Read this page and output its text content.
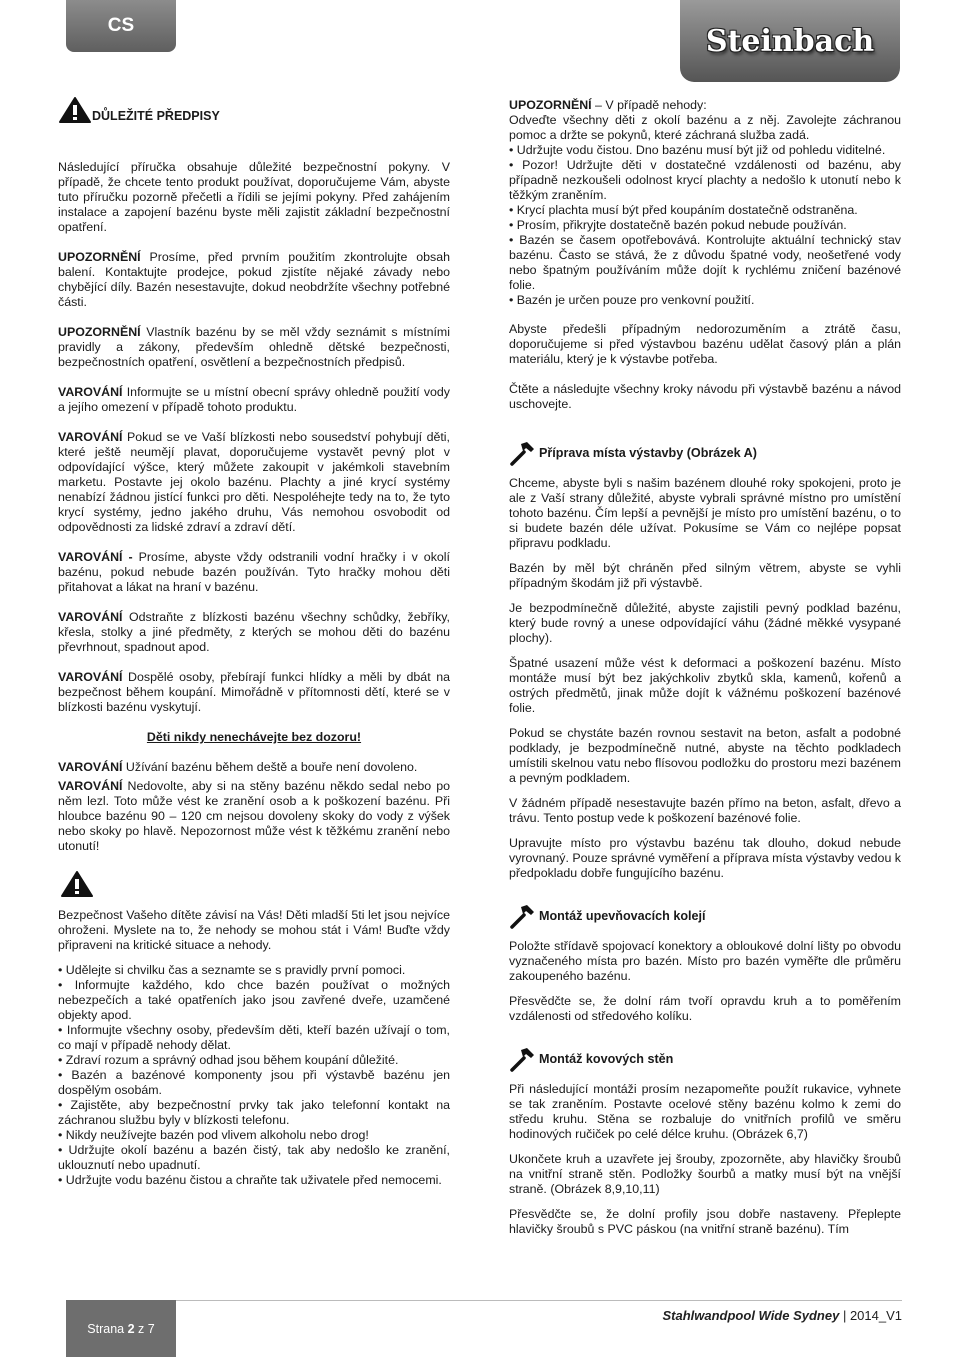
CS	Steinbach
DŮLEŽITÉ PŘEDPISY

Následující příručka obsahuje důležité bezpečnostní pokyny. V případě, že chcete tento produkt používat, doporučujeme Vám, abyste tuto příručku pozorně přečetli a řídili se jejími pokyny. Před zahájením instalace a zapojení bazénu byste měli zajistit základní bezpečnostní opatření.

UPOZORNĚNÍ Prosíme, před prvním použitím zkontrolujte obsah balení. Kontaktujte prodejce, pokud zjistíte nějaké závady nebo chybějící díly. Bazén nesestavujte, dokud neobdržíte všechny potřebné části.

UPOZORNĚNÍ Vlastník bazénu by se měl vždy seznámit s místními pravidly a zákony, především ohledně dětské bezpečnosti, bezpečnostních opatření, osvětlení a bezpečnostních předpisů.

VAROVÁNÍ Informujte se u místní obecní správy ohledně použití vody a jejího omezení v případě tohoto produktu.

VAROVÁNÍ Pokud se ve Vaší blízkosti nebo sousedství pohybují děti, které ještě neumějí plavat, doporučujeme vystavět pevný plot v odpovídající výšce, který můžete zakoupit v jakémkoli stavebním marketu. Postavte jej okolo bazénu. Plachty a jiné krycí systémy nenabízí žádnou jistící funkci pro děti. Nespoléhejte tedy na to, že tyto krycí systémy, jedno jakého druhu, Vás nemohou osvobodit od odpovědnosti za lidské zdraví a zdraví dětí.

VAROVÁNÍ - Prosíme, abyste vždy odstranili vodní hračky i v okolí bazénu, pokud nebude bazén používán. Tyto hračky mohou děti přitahovat a lákat na hraní v bazénu.

VAROVÁNÍ Odstraňte z blízkosti bazénu všechny schůdky, žebříky, křesla, stolky a jiné předměty, z kterých se mohou děti do bazénu převrhnout, spadnout apod.

VAROVÁNÍ Dospělé osoby, přebírají funkci hlídky a měli by dbát na bezpečnost během koupání. Mimořádně v přítomnosti dětí, které se v blízkosti bazénu vyskytují.

Děti nikdy nenechávejte bez dozoru!

VAROVÁNÍ Užívání bazénu během deště a bouře není dovoleno.

VAROVÁNÍ Nedovolte, aby si na stěny bazénu někdo sedal nebo po něm lezl. Toto může vést ke zranění osob a k poškození bazénu. Při hloubce bazénu 90 – 120 cm nejsou dovoleny skoky do vody z výšek nebo skoky po hlavě. Nepozornost může vést k těžkému zranění nebo utonutí!

Bezpečnost Vašeho dítěte závisí na Vás! Děti mladší 5ti let jsou nejvíce ohroženi. Myslete na to, že nehody se mohou stát i Vám! Buďte vždy připraveni na kritické situace a nehody.

• Udělejte si chvilku čas a seznamte se s pravidly první pomoci.
• Informujte každého, kdo chce bazén používat o možných nebezpečích a také opatřeních jako jsou zavřené dveře, uzamčené objekty apod.
• Informujte všechny osoby, především děti, kteří bazén užívají o tom, co mají v případě nehody dělat.
• Zdraví rozum a správný odhad jsou během koupání důležité.
• Bazén a bazénové komponenty jsou při výstavbě bazénu jen dospělým osobám.
• Zajistěte, aby bezpečnostní prvky tak jako telefonní kontakt na záchranou službu byly v blízkosti telefonu.
• Nikdy neužívejte bazén pod vlivem alkoholu nebo drog!
• Udržujte okolí bazénu a bazén čistý, tak aby nedošlo ke zranění, uklouznutí nebo upadnutí.
• Udržujte vodu bazénu čistou a chraňte tak uživatele před nemocemi.
UPOZORNĚNÍ – V případě nehody:
Odveďte všechny děti z okolí bazénu a z něj. Zavolejte záchranou pomoc a držte se pokynů, které záchraná služba zadá.
• Udržujte vodu čistou. Dno bazénu musí být již od pohledu viditelné.
• Pozor! Udržujte děti v dostatečné vzdálenosti od bazénu, aby případně nezkoušeli odolnost krycí plachty a nedošlo k utonutí nebo k těžkým zraněním.
• Krycí plachta musí být před koupáním dostatečně odstraněna.
• Prosím, přikryjte dostatečně bazén pokud nebude používán.
• Bazén se časem opotřebovává. Kontrolujte aktuální technický stav bazénu. Často se stává, že z důvodu špatné vody, neošetřené vody nebo špatným používáním může dojít k rychlému zničení bazénové folie.
• Bazén je určen pouze pro venkovní použití.

Abyste předešli případným nedorozuměním a ztrátě času, doporučujeme si před výstavbou bazénu udělat časový plán a plán materiálu, který je k výstavbe potřeba.

Čtěte a následujte všechny kroky návodu při výstavbě bazénu a návod uschovejte.

Příprava místa výstavby (Obrázek A)

Chceme, abyste byli s našim bazénem dlouhé roky spokojeni, proto je ale z Vaší strany důležité, abyste vybrali správné místno pro umístění tohoto bazénu. Čím lepší a pevnější je místo pro umístění bazénu, o to si budete bazén déle užívat. Pokusíme se Vám co nejlépe popsat připravu podkladu.

Bazén by měl být chráněn před silným větrem, abyste se vyhli případným škodám již při výstavbě.

Je bezpodmínečně důležité, abyste zajistili pevný podklad bazénu, který bude rovný a unese odpovídající váhu (žádné měkké vysypané plochy).

Špatné usazení může vést k deformaci a poškození bazénu. Místo montáže musí být bez jakýchkoliv zbytků skla, kamenů, kořenů a ostrých předmětů, jinak může dojít k vážnému poškození bazénové folie.

Pokud se chystáte bazén rovnou sestavit na beton, asfalt a podobné podklady, je bezpodmínečně nutné, abyste na těchto podkladech umístili skelnou vatu nebo flísovou podložku do prostoru mezi bazénem a pevným podkladem.

V žádném případě nesestavujte bazén přímo na beton, asfalt, dřevo a trávu. Tento postup vede k poškození bazénové folie.

Upravujte místo pro výstavbu bazénu tak dlouho, dokud nebude vyrovnaný. Pouze správné vyměření a příprava místa výstavby vedou k předpokladu dobře fungujícího bazénu.

Montáž upevňovacích kolejí

Položte střídavě spojovací konektory a obloukové dolní lišty po obvodu vyznačeného místa pro bazén. Místo pro bazén vyměřte dle průměru zakoupeného bazénu.

Přesvědčte se, že dolní rám tvoří opravdu kruh a to poměřením vzdálenosti od středového kolíku.

Montáž kovových stěn

Při následující montáži prosím nezapomeňte použít rukavice, vyhnete se tak zraněním. Postavte ocelové stěny bazénu kolmo k zemi do středu kruhu. Stěna se rozbaluje do vnitřních profilů ve směru hodinových ručiček po celé délce kruhu. (Obrázek 6,7)

Ukončete kruh a uzavřete jej šrouby, zpozorněte, aby hlavičky šroubů na vnitřní straně stěn. Podložky šourbů a matky musí být na vnější straně. (Obrázek 8,9,10,11)

Přesvědčte se, že dolní profily jsou dobře nastaveny. Přeplepte hlavičky šroubů s PVC páskou (na vnitřní straně bazénu). Tím

Strana
2
z 7
Stahlwandpool Wide Sydney | 2014_V1
